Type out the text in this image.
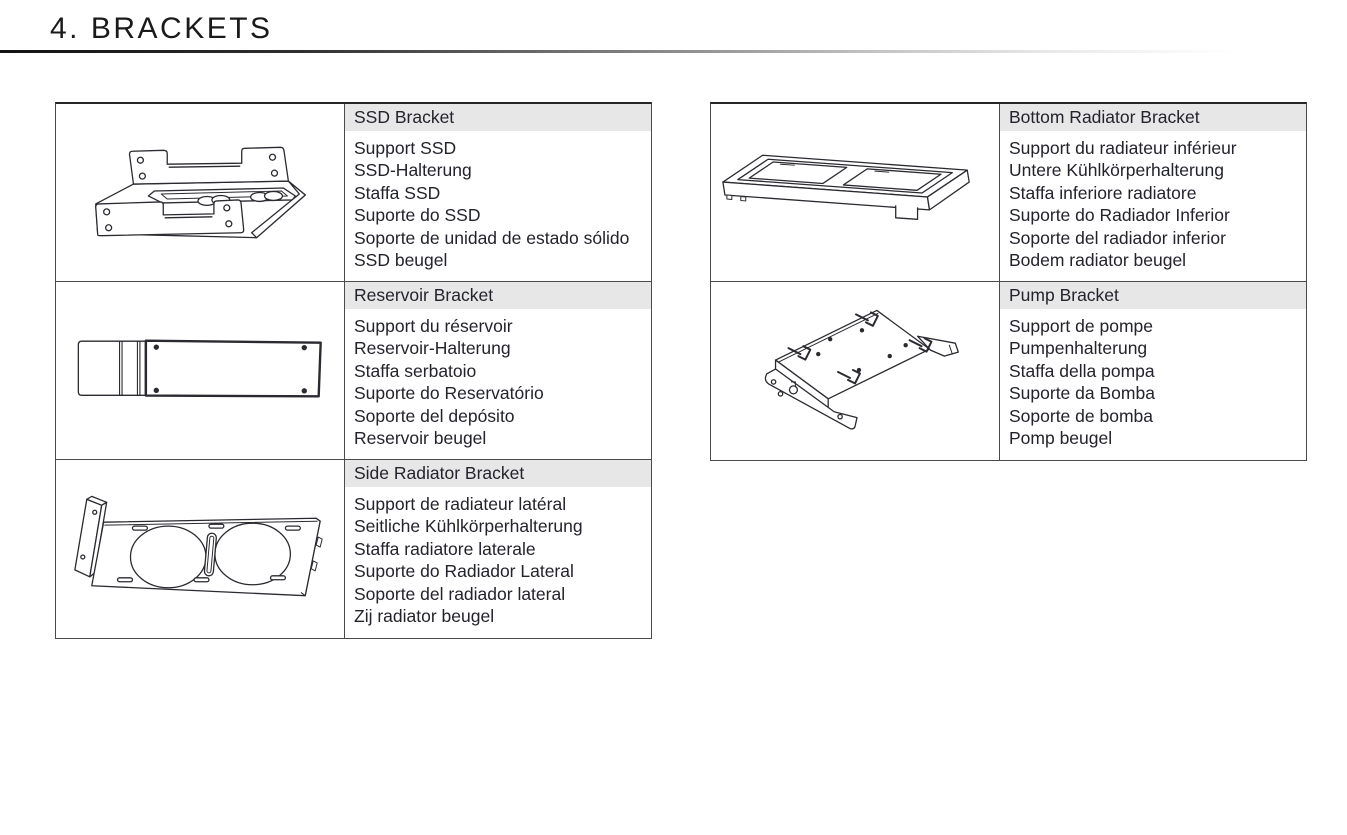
4. BRACKETS
SSD Bracket
Support SSD
SSD-Halterung
Staffa SSD
Suporte do SSD
Soporte de unidad de estado sólido
SSD beugel
Reservoir Bracket
Support du réservoir
Reservoir-Halterung
Staffa serbatoio
Suporte do Reservatório
Soporte del depósito
Reservoir beugel
Side Radiator Bracket
Support de radiateur latéral
Seitliche Kühlkörperhalterung
Staffa radiatore laterale
Suporte do Radiador Lateral
Soporte del radiador lateral
Zij radiator beugel
Bottom Radiator Bracket
Support du radiateur inférieur
Untere Kühlkörperhalterung
Staffa inferiore radiatore
Suporte do Radiador Inferior
Soporte del radiador inferior
Bodem radiator beugel
Pump Bracket
Support de pompe
Pumpenhalterung
Staffa della pompa
Suporte da Bomba
Soporte de bomba
Pomp beugel
